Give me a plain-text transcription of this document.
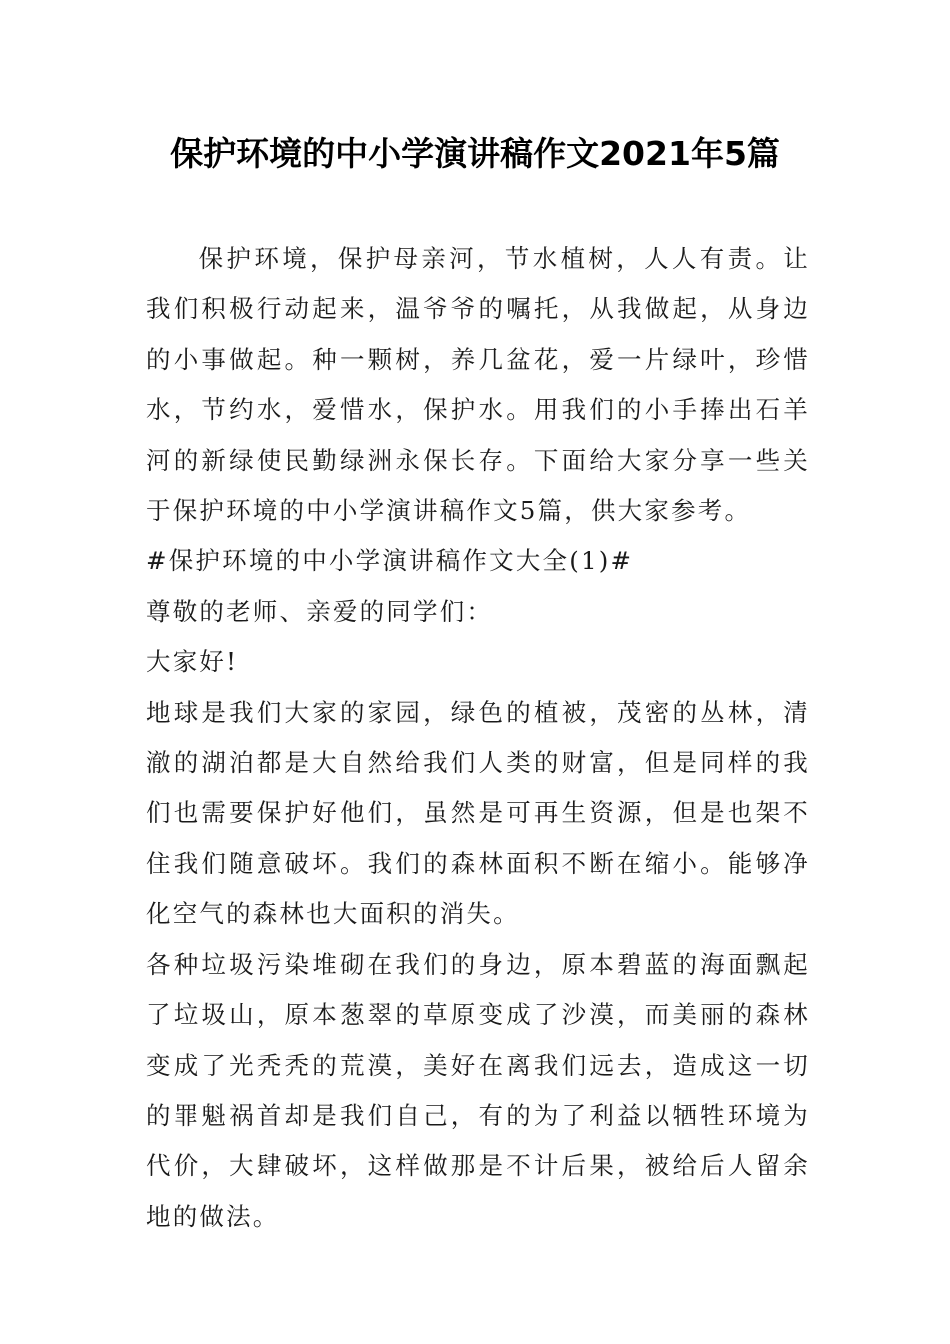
保护环境的中小学演讲稿作文2021年5篇

保护环境，保护母亲河，节水植树，人人有责。让我们积极行动起来，温爷爷的嘱托，从我做起，从身边的小事做起。种一颗树，养几盆花，爱一片绿叶，珍惜水，节约水，爱惜水，保护水。用我们的小手捧出石羊河的新绿使民勤绿洲永保长存。下面给大家分享一些关于保护环境的中小学演讲稿作文5篇，供大家参考。

#保护环境的中小学演讲稿作文大全(1)#

尊敬的老师、亲爱的同学们：

大家好!

地球是我们大家的家园，绿色的植被，茂密的丛林，清澈的湖泊都是大自然给我们人类的财富，但是同样的我们也需要保护好他们，虽然是可再生资源，但是也架不住我们随意破坏。我们的森林面积不断在缩小。能够净化空气的森林也大面积的消失。

各种垃圾污染堆砌在我们的身边，原本碧蓝的海面飘起了垃圾山，原本葱翠的草原变成了沙漠，而美丽的森林变成了光秃秃的荒漠，美好在离我们远去，造成这一切的罪魁祸首却是我们自己，有的为了利益以牺牲环境为代价，大肆破坏，这样做那是不计后果，被给后人留余地的做法。
